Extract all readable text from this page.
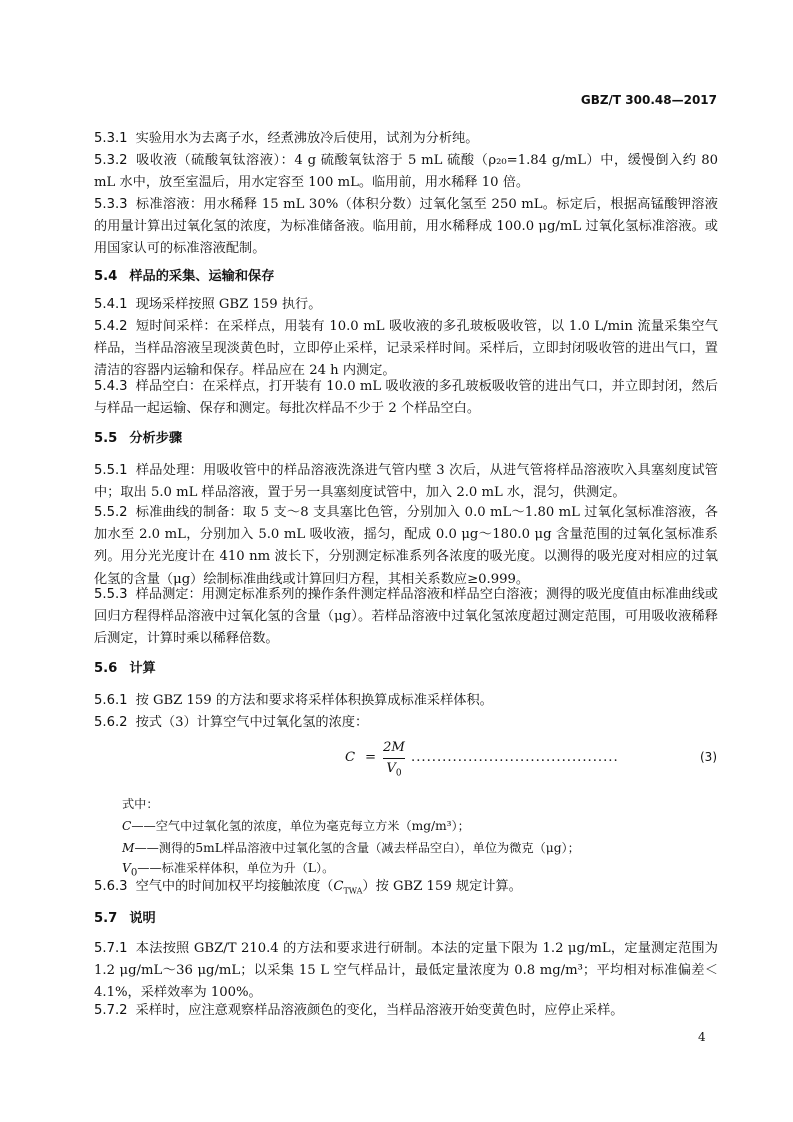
GBZ/T 300.48—2017
5.3.1 实验用水为去离子水，经煮沸放冷后使用，试剂为分析纯。
5.3.2 吸收液（硫酸氧钛溶液）：4 g 硫酸氧钛溶于 5 mL 硫酸（ρ₂₀=1.84 g/mL）中，缓慢倒入约 80 mL 水中，放至室温后，用水定容至 100 mL。临用前，用水稀释 10 倍。
5.3.3 标准溶液：用水稀释 15 mL 30%（体积分数）过氧化氢至 250 mL。标定后，根据高锰酸钾溶液的用量计算出过氧化氢的浓度，为标准储备液。临用前，用水稀释成 100.0 μg/mL 过氧化氢标准溶液。或用国家认可的标准溶液配制。
5.4 样品的采集、运输和保存
5.4.1 现场采样按照 GBZ 159 执行。
5.4.2 短时间采样：在采样点，用装有 10.0 mL 吸收液的多孔玻板吸收管，以 1.0 L/min 流量采集空气样品，当样品溶液呈现淡黄色时，立即停止采样，记录采样时间。采样后，立即封闭吸收管的进出气口，置清洁的容器内运输和保存。样品应在 24 h 内测定。
5.4.3 样品空白：在采样点，打开装有 10.0 mL 吸收液的多孔玻板吸收管的进出气口，并立即封闭，然后与样品一起运输、保存和测定。每批次样品不少于 2 个样品空白。
5.5 分析步骤
5.5.1 样品处理：用吸收管中的样品溶液洗涤进气管内壁 3 次后，从进气管将样品溶液吹入具塞刻度试管中；取出 5.0 mL 样品溶液，置于另一具塞刻度试管中，加入 2.0 mL 水，混匀，供测定。
5.5.2 标准曲线的制备：取 5 支～8 支具塞比色管，分别加入 0.0 mL～1.80 mL 过氧化氢标准溶液，各加水至 2.0 mL，分别加入 5.0 mL 吸收液，摇匀，配成 0.0 μg～180.0 μg 含量范围的过氧化氢标准系列。用分光光度计在 410 nm 波长下，分别测定标准系列各浓度的吸光度。以测得的吸光度对相应的过氧化氢的含量（μg）绘制标准曲线或计算回归方程，其相关系数应≥0.999。
5.5.3 样品测定：用测定标准系列的操作条件测定样品溶液和样品空白溶液；测得的吸光度值由标准曲线或回归方程得样品溶液中过氧化氢的含量（μg）。若样品溶液中过氧化氢浓度超过测定范围，可用吸收液稀释后测定，计算时乘以稀释倍数。
5.6 计算
5.6.1 按 GBZ 159 的方法和要求将采样体积换算成标准采样体积。
5.6.2 按式（3）计算空气中过氧化氢的浓度：
C =
2M
$V_0$
........................................	(3)
式中：
C——空气中过氧化氢的浓度，单位为毫克每立方米（mg/m³）；
M——测得的5mL样品溶液中过氧化氢的含量（减去样品空白），单位为微克（μg）；
$V_0——$标准采样体积，单位为升（L）。
5.6.3 空气中的时间加权平均接触浓度$(C_{TWA})$按 GBZ 159 规定计算。
5.7 说明
5.7.1 本法按照 GBZ/T 210.4 的方法和要求进行研制。本法的定量下限为 1.2 μg/mL，定量测定范围为 1.2 μg/mL～36 μg/mL；以采集 15 L 空气样品计，最低定量浓度为 0.8 mg/m³；平均相对标准偏差＜4.1%，采样效率为 100%。
5.7.2 采样时，应注意观察样品溶液颜色的变化，当样品溶液开始变黄色时，应停止采样。
4
